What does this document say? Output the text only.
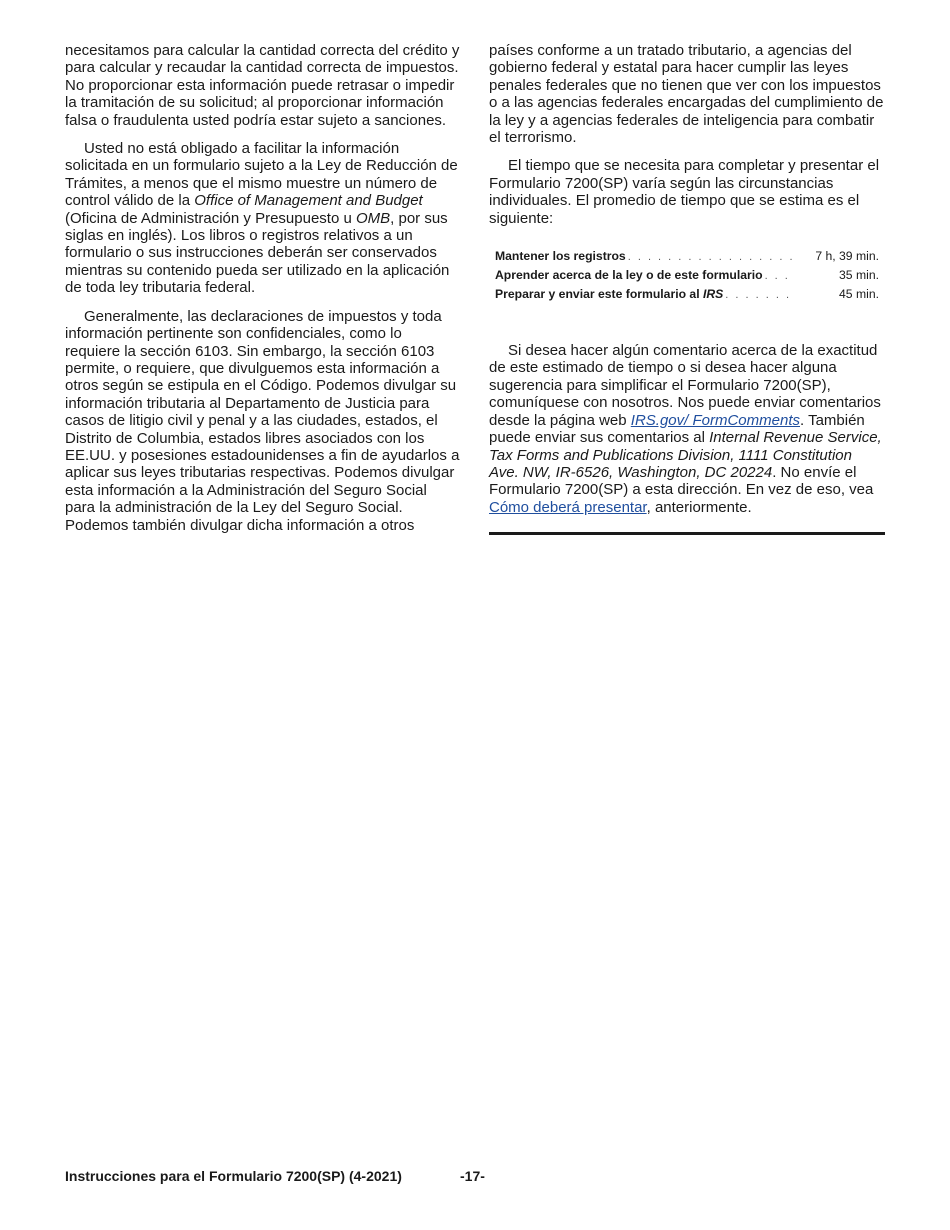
necesitamos para calcular la cantidad correcta del crédito y para calcular y recaudar la cantidad correcta de impuestos. No proporcionar esta información puede retrasar o impedir la tramitación de su solicitud; al proporcionar información falsa o fraudulenta usted podría estar sujeto a sanciones.

Usted no está obligado a facilitar la información solicitada en un formulario sujeto a la Ley de Reducción de Trámites, a menos que el mismo muestre un número de control válido de la Office of Management and Budget (Oficina de Administración y Presupuesto u OMB, por sus siglas en inglés). Los libros o registros relativos a un formulario o sus instrucciones deberán ser conservados mientras su contenido pueda ser utilizado en la aplicación de toda ley tributaria federal.

Generalmente, las declaraciones de impuestos y toda información pertinente son confidenciales, como lo requiere la sección 6103. Sin embargo, la sección 6103 permite, o requiere, que divulguemos esta información a otros según se estipula en el Código. Podemos divulgar su información tributaria al Departamento de Justicia para casos de litigio civil y penal y a las ciudades, estados, el Distrito de Columbia, estados libres asociados con los EE.UU. y posesiones estadounidenses a fin de ayudarlos a aplicar sus leyes tributarias respectivas. Podemos divulgar esta información a la Administración del Seguro Social para la administración de la Ley del Seguro Social. Podemos también divulgar dicha información a otros

países conforme a un tratado tributario, a agencias del gobierno federal y estatal para hacer cumplir las leyes penales federales que no tienen que ver con los impuestos o a las agencias federales encargadas del cumplimiento de la ley y a agencias federales de inteligencia para combatir el terrorismo.

El tiempo que se necesita para completar y presentar el Formulario 7200(SP) varía según las circunstancias individuales. El promedio de tiempo que se estima es el siguiente:

Mantener los registros . . .	7 h, 39 min.
Aprender acerca de la ley o de este formulario . . .	35 min.
Preparar y enviar este formulario al IRS . . .	45 min.

Si desea hacer algún comentario acerca de la exactitud de este estimado de tiempo o si desea hacer alguna sugerencia para simplificar el Formulario 7200(SP), comuníquese con nosotros. Nos puede enviar comentarios desde la página web IRS.gov/ FormComments. También puede enviar sus comentarios al Internal Revenue Service, Tax Forms and Publications Division, 1111 Constitution Ave. NW, IR-6526, Washington, DC 20224. No envíe el Formulario 7200(SP) a esta dirección. En vez de eso, vea Cómo deberá presentar, anteriormente.

Instrucciones para el Formulario 7200(SP) (4-2021)	-17-
